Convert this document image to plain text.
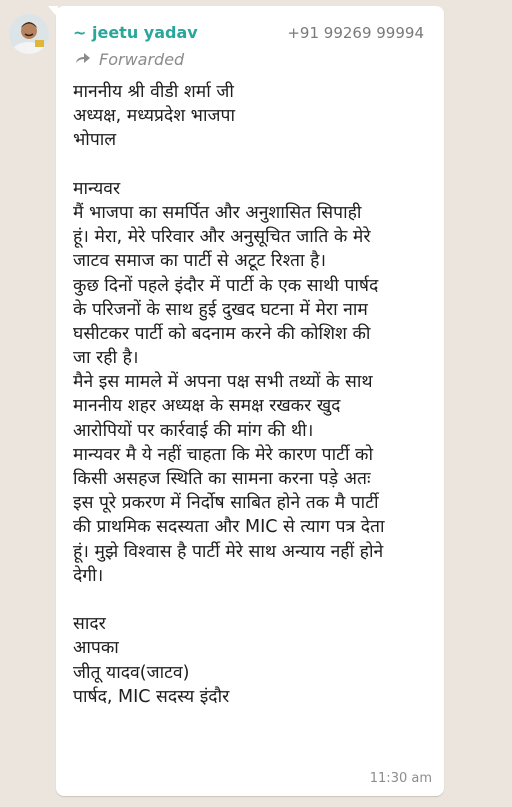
~ jeetu yadav	+91 99269 99994
Forwarded
माननीय श्री वीडी शर्मा जी
अध्यक्ष, मध्यप्रदेश भाजपा
भोपाल
मान्यवर
मैं भाजपा का समर्पित और अनुशासित सिपाही
हूं। मेरा, मेरे परिवार और अनुसूचित जाति के मेरे
जाटव समाज का पार्टी से अटूट रिश्ता है।
कुछ दिनों पहले इंदौर में पार्टी के एक साथी पार्षद
के परिजनों के साथ हुई दुखद घटना में मेरा नाम
घसीटकर पार्टी को बदनाम करने की कोशिश की
जा रही है।
मैने इस मामले में अपना पक्ष सभी तथ्यों के साथ
माननीय शहर अध्यक्ष के समक्ष रखकर खुद
आरोपियों पर कार्रवाई की मांग की थी।
मान्यवर मै ये नहीं चाहता कि मेरे कारण पार्टी को
किसी असहज स्थिति का सामना करना पड़े अतः
इस पूरे प्रकरण में निर्दोष साबित होने तक मै पार्टी
की प्राथमिक सदस्यता और MIC से त्याग पत्र देता
हूं। मुझे विश्वास है पार्टी मेरे साथ अन्याय नहीं होने
देगी।
सादर
आपका
जीतू यादव(जाटव)
पार्षद, MIC सदस्य इंदौर
11:30 am
